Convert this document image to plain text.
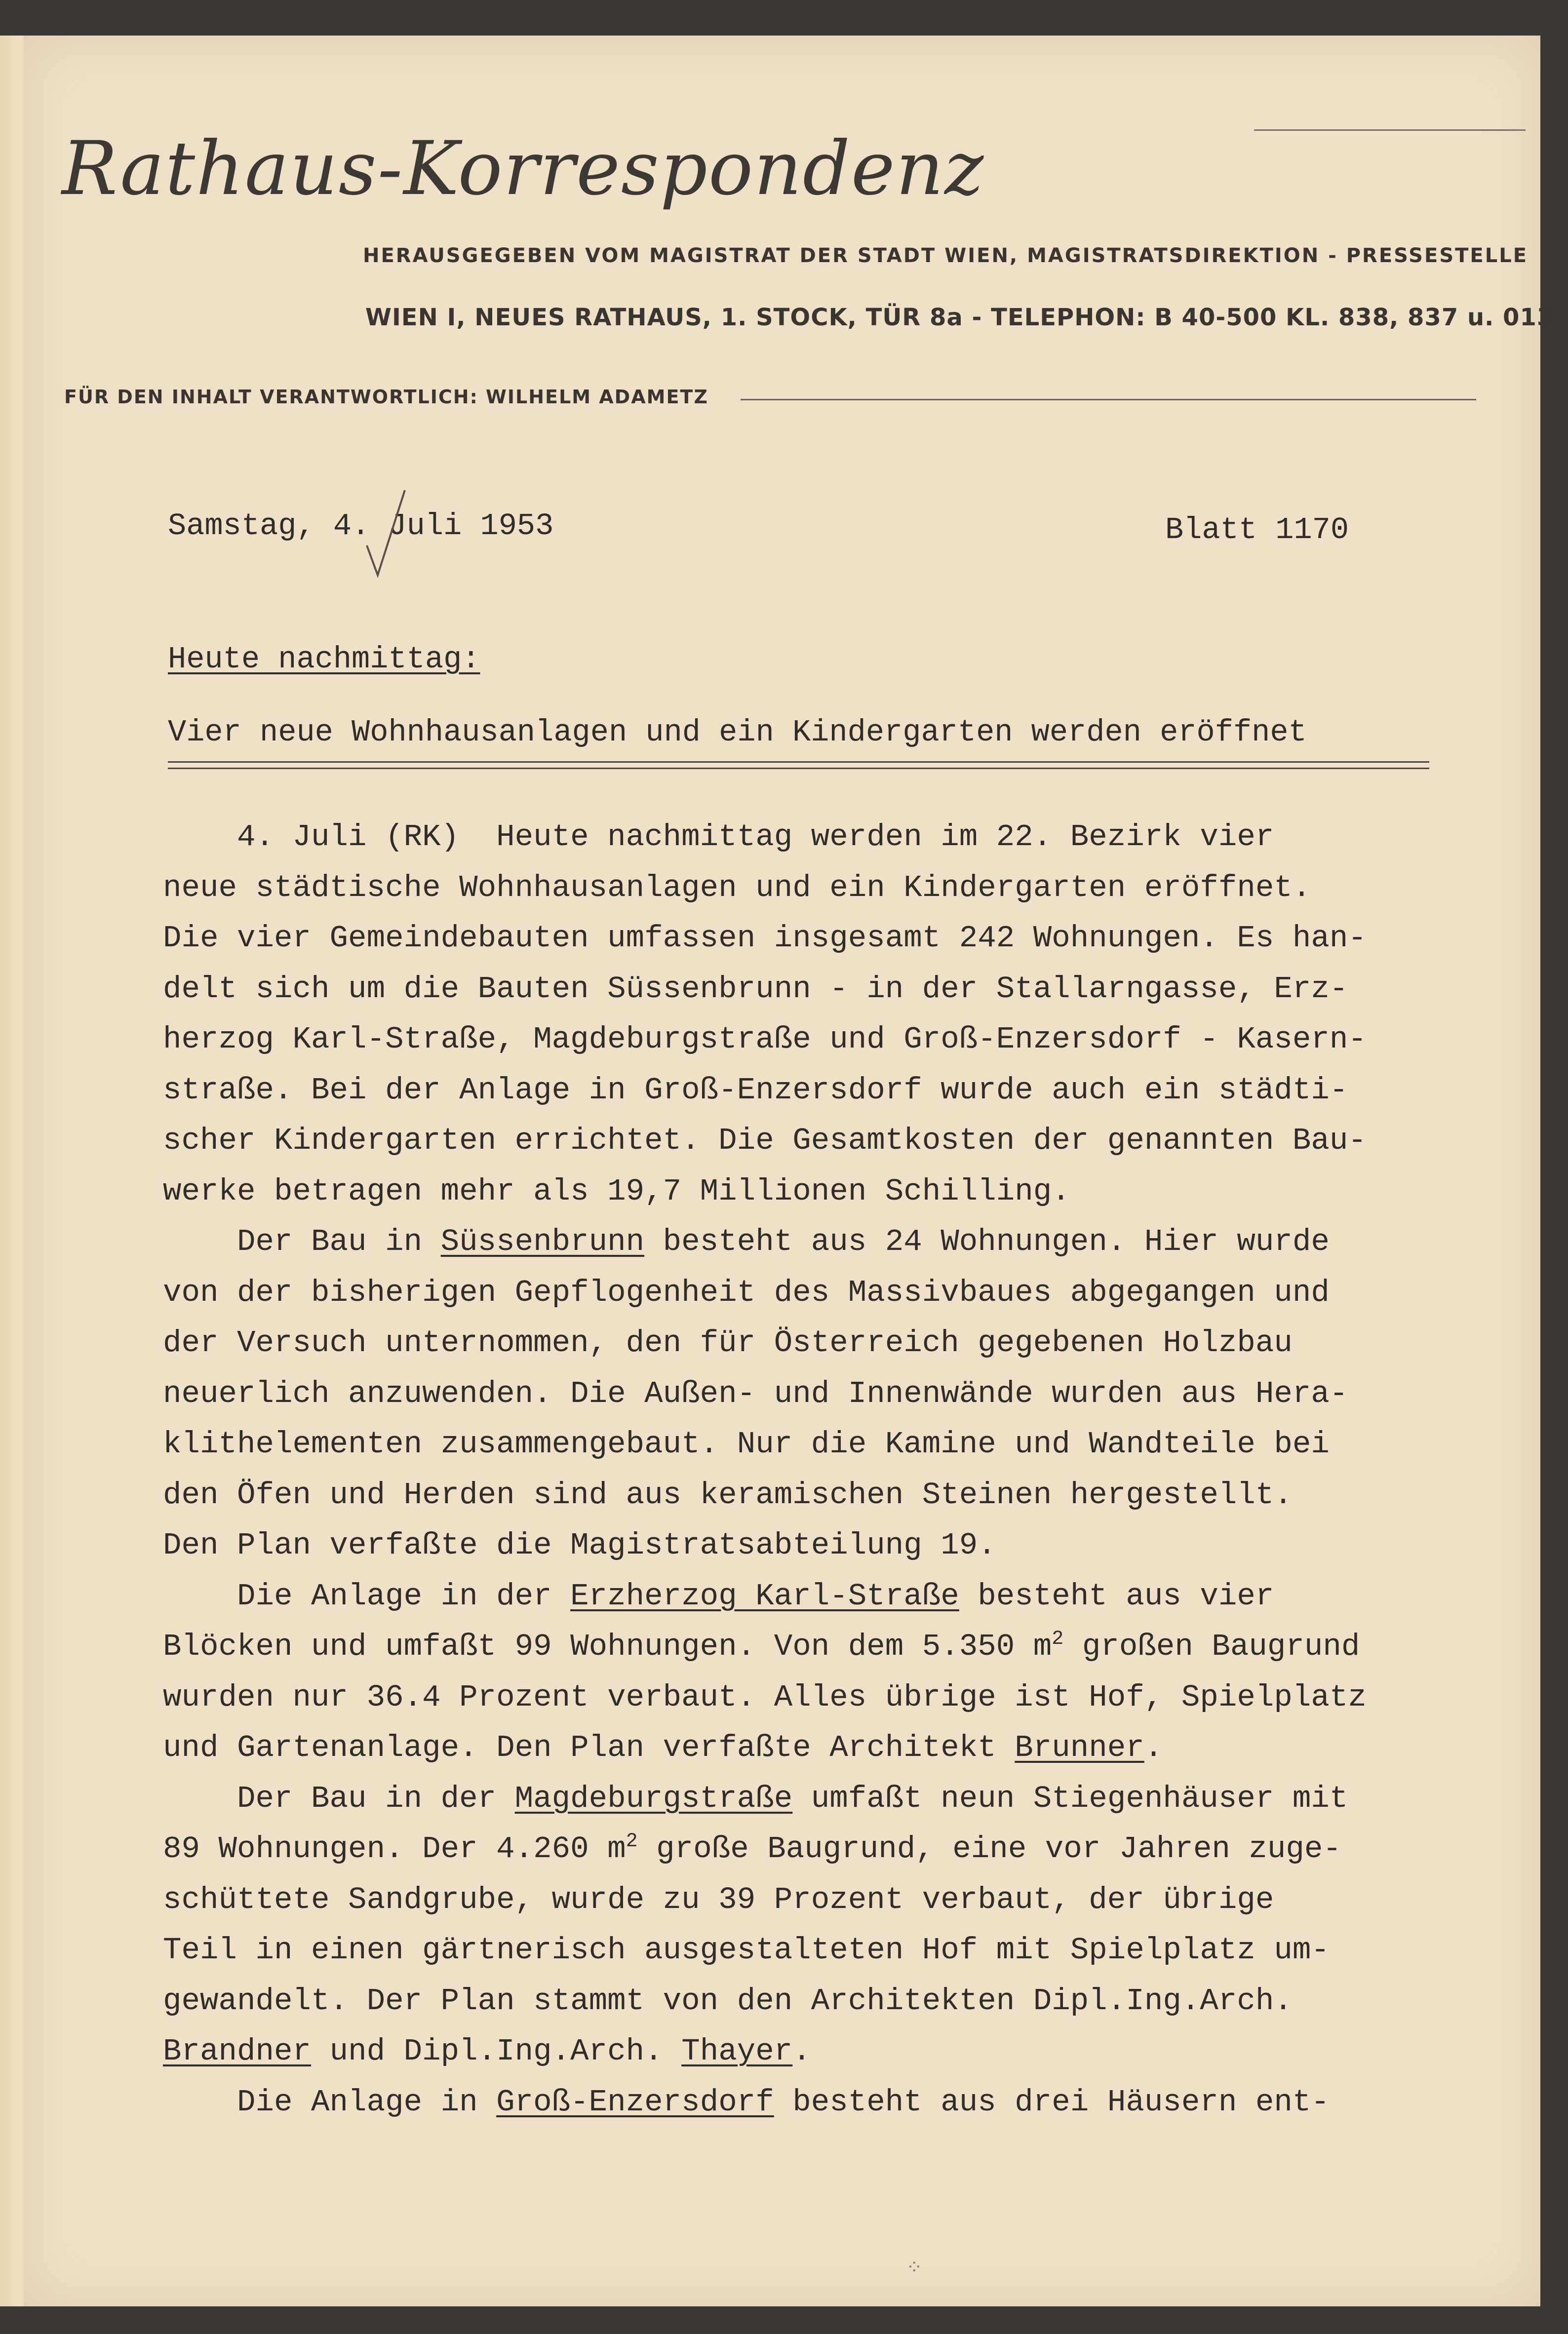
Rathaus-Korrespondenz
HERAUSGEGEBEN VOM MAGISTRAT DER STADT WIEN, MAGISTRATSDIREKTION - PRESSESTELLE
WIEN I, NEUES RATHAUS, 1. STOCK, TÜR 8a - TELEPHON: B 40-500 KL. 838, 837 u. 013
FÜR DEN INHALT VERANTWORTLICH: WILHELM ADAMETZ
Samstag, 4. Juli 1953	Blatt 1170
Heute nachmittag:
Vier neue Wohnhausanlagen und ein Kindergarten werden eröffnet
4. Juli (RK)  Heute nachmittag werden im 22. Bezirk vier
neue städtische Wohnhausanlagen und ein Kindergarten eröffnet.
Die vier Gemeindebauten umfassen insgesamt 242 Wohnungen. Es han-
delt sich um die Bauten Süssenbrunn - in der Stallarngasse, Erz-
herzog Karl-Straße, Magdeburgstraße und Groß-Enzersdorf - Kasern-
straße. Bei der Anlage in Groß-Enzersdorf wurde auch ein städti-
scher Kindergarten errichtet. Die Gesamtkosten der genannten Bau-
werke betragen mehr als 19,7 Millionen Schilling.
Der Bau in Süssenbrunn besteht aus 24 Wohnungen. Hier wurde
von der bisherigen Gepflogenheit des Massivbaues abgegangen und
der Versuch unternommen, den für Österreich gegebenen Holzbau
neuerlich anzuwenden. Die Außen- und Innenwände wurden aus Hera-
klithelementen zusammengebaut. Nur die Kamine und Wandteile bei
den Öfen und Herden sind aus keramischen Steinen hergestellt.
Den Plan verfaßte die Magistratsabteilung 19.
Die Anlage in der Erzherzog Karl-Straße besteht aus vier
Blöcken und umfaßt 99 Wohnungen. Von dem 5.350 $m^2$ großen Baugrund
wurden nur 36.4 Prozent verbaut. Alles übrige ist Hof, Spielplatz
und Gartenanlage. Den Plan verfaßte Architekt Brunner.
Der Bau in der Magdeburgstraße umfaßt neun Stiegenhäuser mit
89 Wohnungen. Der 4.260 $m^2$ große Baugrund, eine vor Jahren zuge-
schüttete Sandgrube, wurde zu 39 Prozent verbaut, der übrige
Teil in einen gärtnerisch ausgestalteten Hof mit Spielplatz um-
gewandelt. Der Plan stammt von den Architekten Dipl.Ing.Arch.
Brandner und Dipl.Ing.Arch. Thayer.
Die Anlage in Groß-Enzersdorf besteht aus drei Häusern ent-
⁘
